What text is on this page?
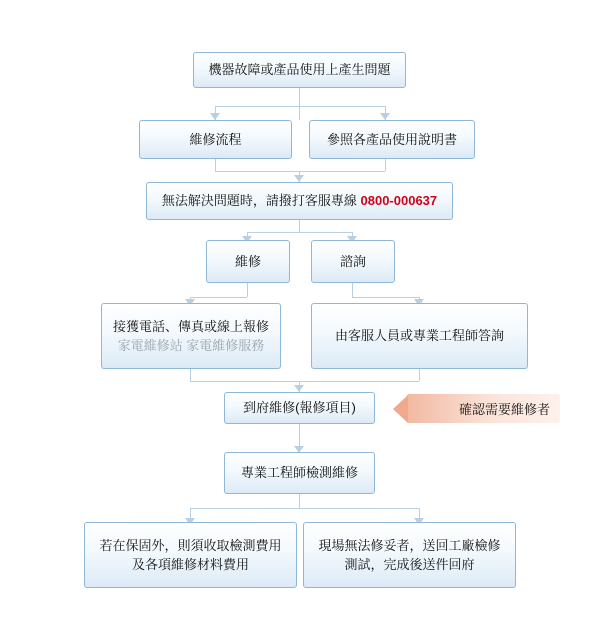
機器故障或產品使用上產生問題
維修流程	參照各產品使用說明書
無法解決問題時，請撥打客服專線 0800-000637
維修	諮詢
接獲電話、傳真或線上報修
家電維修站 家電維修服務
由客服人員或專業工程師答詢
到府維修(報修項目)	確認需要維修者
專業工程師檢測維修
若在保固外，則須收取檢測費用
及各項維修材料費用
現場無法修妥者，送回工廠檢修
測試，完成後送件回府
